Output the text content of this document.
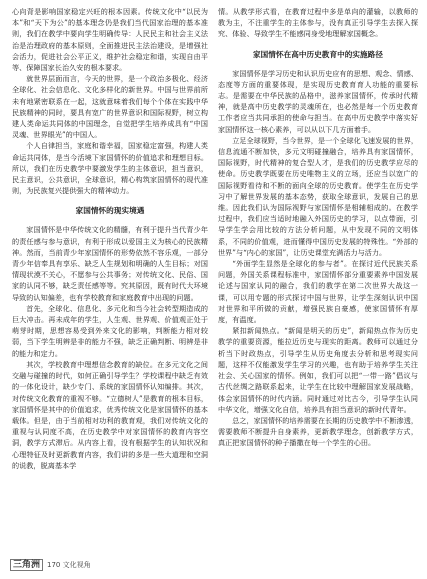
心向背是影响国家稳定兴旺的根本因素。传统文化中“以民为本”和“天下为公”的基本理念仍是我们当代国家治理的基本准则，我们在教学中要向学生明确传导：人民民主和社会主义法治是治理政府的基本原则，全面推进民主法治建设，是增强社会活力，促进社会公平正义，维护社会稳定和谐，实现自由平等、保障国家长治久安的根本要求。

就世界层面而言，今天的世界，是一个政治多极化、经济全球化、社会信息化、文化多样化的新世界。中国与世界前所未有地紧密联系在一起，这就意味着我们每个个体在实践中华民族精神的同时，要具有宽广的世界意识和国际视野，树立构建人类命运共同体的中国理念，自觉把学生培养成具有“中国灵魂、世界眼光”的中国人。

个人自律担当，家庭和谐幸福，国家稳定富强，构建人类命运共同体，是当今活境下家国情怀的价值追求和理想目标。所以，我们在历史教学中要激发学生的主体意识，担当意识，民主意识，公共意识，全球意识，精心构筑家国情怀的现代准则，为民族复兴提供强大的精神动力。

家国情怀的现实境遇

家国情怀是中华传统文化的精髓，有利于提升当代青少年的责任感与参与意识，有利于形成以爱国主义为核心的民族精神。然而，当前青少年家国情怀的形势依然不容乐观，一部分青少年信奉具有享乐、缺乏人生规划和明确的人生目标；对国情现状漠不关心，不愿参与公共事务；对传统文化、民俗、国家的认同不够，缺乏责任感等等。究其原因，既有时代大环境导致的认知偏差，也有学校教育和家庭教育中出现的问题。

首先，全球化、信息化、多元化和当今社会转型期造成的巨大冲击。再未成年的学生，人生观、世界观、价值观正处于萌芽时期，思想容易受到外来文化的影响，判断能力相对较弱，当下学生明辨是非的能力不强，缺乏正确判断、明辨是非的能力和定力。

其次，学校教育中理想信念教育的缺位。在多元文化之间交融与碰撞的时代，如何正确引导学生？学校课程中缺乏有效的一体化设计，缺少专门、系统的家国情怀认知编排。其次，对传统文化教育的重视不够。“立德树人”是教育的根本目标，家国情怀是其中的价值追求，优秀传统文化是家国情怀的基本载体。但是，由于当前相对功利的教育观，我们对传统文化的重视与认同度不高，在历史教学中对家国情怀的教育内容空洞，教学方式滞后。从内容上看，没有根据学生的认知状况和心理特征及时更新教育内容，我们讲的多是一些大道理和空洞的说教，脱离基本学

情。从教学形式看，在教育过程中多是单向的灌输，以教师的教为主，不注重学生的主体参与，没有真正引导学生去探入探究、体验、导致学生不能感同身受地理解家国概念。

家国情怀在高中历史教育中的实施路径

家国情怀是学习历史和认识历史应有的思想、观念、情感、态度等方面的重要体现，是实现历史教育育人功能的重要标志。是需要在中华民族的品格中，滋养家国情怀，传承时代精神，就是高中历史教学的灵魂所在，也必然是每一个历史教育工作者应当共同承担的使命与担当。在高中历史教学中落实好家国情怀这一核心素养，可以从以下几方面着手。

立足全球视野，当今世界，是一个全球化飞速发展的世界，信息流通不断加快，多元文明碰撞融合，培养具有家国情怀，国际视野，时代精神的复合型人才，是我们的历史教学应尽的使命。历史教学既要在历史唯物主义的立场，还应当以宽广的国际视野看待和不断的面向全球的历史教育。使学生在历史学习中了解世界发展的基本态势，获取全球意识，发展自己的思维。因此我们认为国际视野与家国情怀是相辅相成的。在教学过程中，我们应当适时地融入外国历史的学习，以点带面，引导学生学会用比较的方法分析问题，从中发现不同的文明体系，不同的价值观，进而懂得中国历史发展的特殊性。“外部的世界”与“内心的家国”，让历史课堂充满活力与活力。

“外面学生显然是全球化的参与者”。在探讨近代民族关系问题，外国关系课程标准中，家国情怀部分重要素养中国发展论述与国家认同的融合，我们的教学在第二次世界大战这一课，可以用专题的形式探讨中国与世界，让学生深刻认识中国对世界和平所做的贡献，增强民族自豪感，使家国情怀有厚度，有温度。

紧扣新闻热点。“新闻是明天的历史”，新闻热点作为历史教学的重要资源，能拉近历史与现实的距离。教师可以通过分析当下时政热点，引导学生从历史角度去分析和思考现实问题，这样不仅能激发学生学习的兴趣，也有助于培养学生关注社会、关心国家的情怀。例如，我们可以把“一带一路”倡议与古代丝绸之路联系起来，让学生在比较中理解国家发展战略，体会家国情怀的时代内涵。同时通过对比古今，引导学生认同中华文化，增强文化自信，培养具有担当意识的新时代青年。

总之，家国情怀的培养需要在长期的历史教学中不断渗透，需要教师不断提升自身素养，更新教学理念，创新教学方式，真正把家国情怀的种子播撒在每一个学生的心田。

三角洲	170 文化视角
